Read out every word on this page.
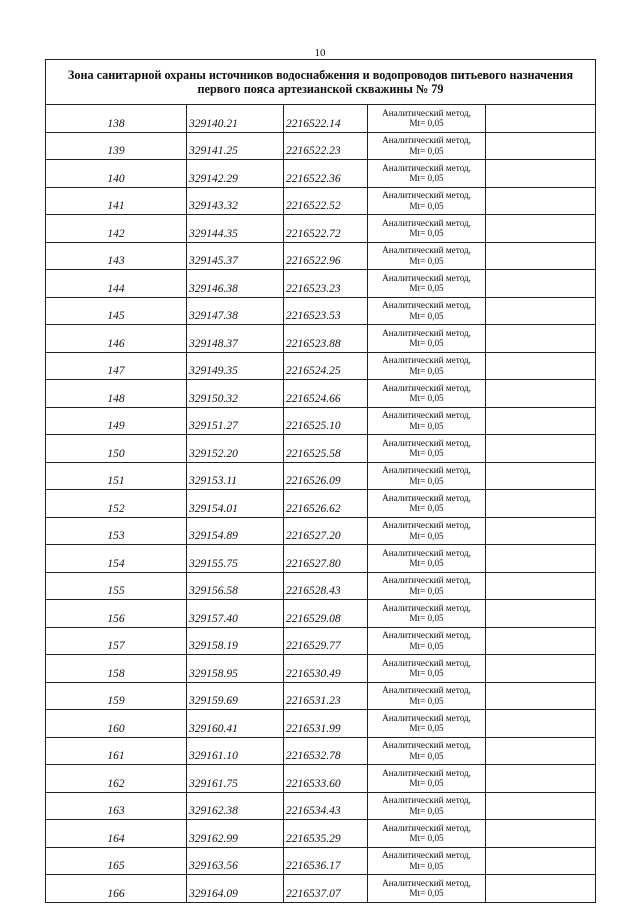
10
Зона санитарной охраны источников водоснабжения и водопроводов питьевого назначения
первого пояса артезианской скважины № 79				

138	329140.21	2216522.14	Аналитический метод,
Mt= 0,05	

139	329141.25	2216522.23	Аналитический метод,
Mt= 0,05	

140	329142.29	2216522.36	Аналитический метод,
Mt= 0,05	

141	329143.32	2216522.52	Аналитический метод,
Mt= 0,05	

142	329144.35	2216522.72	Аналитический метод,
Mt= 0,05	

143	329145.37	2216522.96	Аналитический метод,
Mt= 0,05	

144	329146.38	2216523.23	Аналитический метод,
Mt= 0,05	

145	329147.38	2216523.53	Аналитический метод,
Mt= 0,05	

146	329148.37	2216523.88	Аналитический метод,
Mt= 0,05	

147	329149.35	2216524.25	Аналитический метод,
Mt= 0,05	

148	329150.32	2216524.66	Аналитический метод,
Mt= 0,05	

149	329151.27	2216525.10	Аналитический метод,
Mt= 0,05	

150	329152.20	2216525.58	Аналитический метод,
Mt= 0,05	

151	329153.11	2216526.09	Аналитический метод,
Mt= 0,05	

152	329154.01	2216526.62	Аналитический метод,
Mt= 0,05	

153	329154.89	2216527.20	Аналитический метод,
Mt= 0,05	

154	329155.75	2216527.80	Аналитический метод,
Mt= 0,05	

155	329156.58	2216528.43	Аналитический метод,
Mt= 0,05	

156	329157.40	2216529.08	Аналитический метод,
Mt= 0,05	

157	329158.19	2216529.77	Аналитический метод,
Mt= 0,05	

158	329158.95	2216530.49	Аналитический метод,
Mt= 0,05	

159	329159.69	2216531.23	Аналитический метод,
Mt= 0,05	

160	329160.41	2216531.99	Аналитический метод,
Mt= 0,05	

161	329161.10	2216532.78	Аналитический метод,
Mt= 0,05	

162	329161.75	2216533.60	Аналитический метод,
Mt= 0,05	

163	329162.38	2216534.43	Аналитический метод,
Mt= 0,05	

164	329162.99	2216535.29	Аналитический метод,
Mt= 0,05	

165	329163.56	2216536.17	Аналитический метод,
Mt= 0,05	

166	329164.09	2216537.07	Аналитический метод,
Mt= 0,05	
